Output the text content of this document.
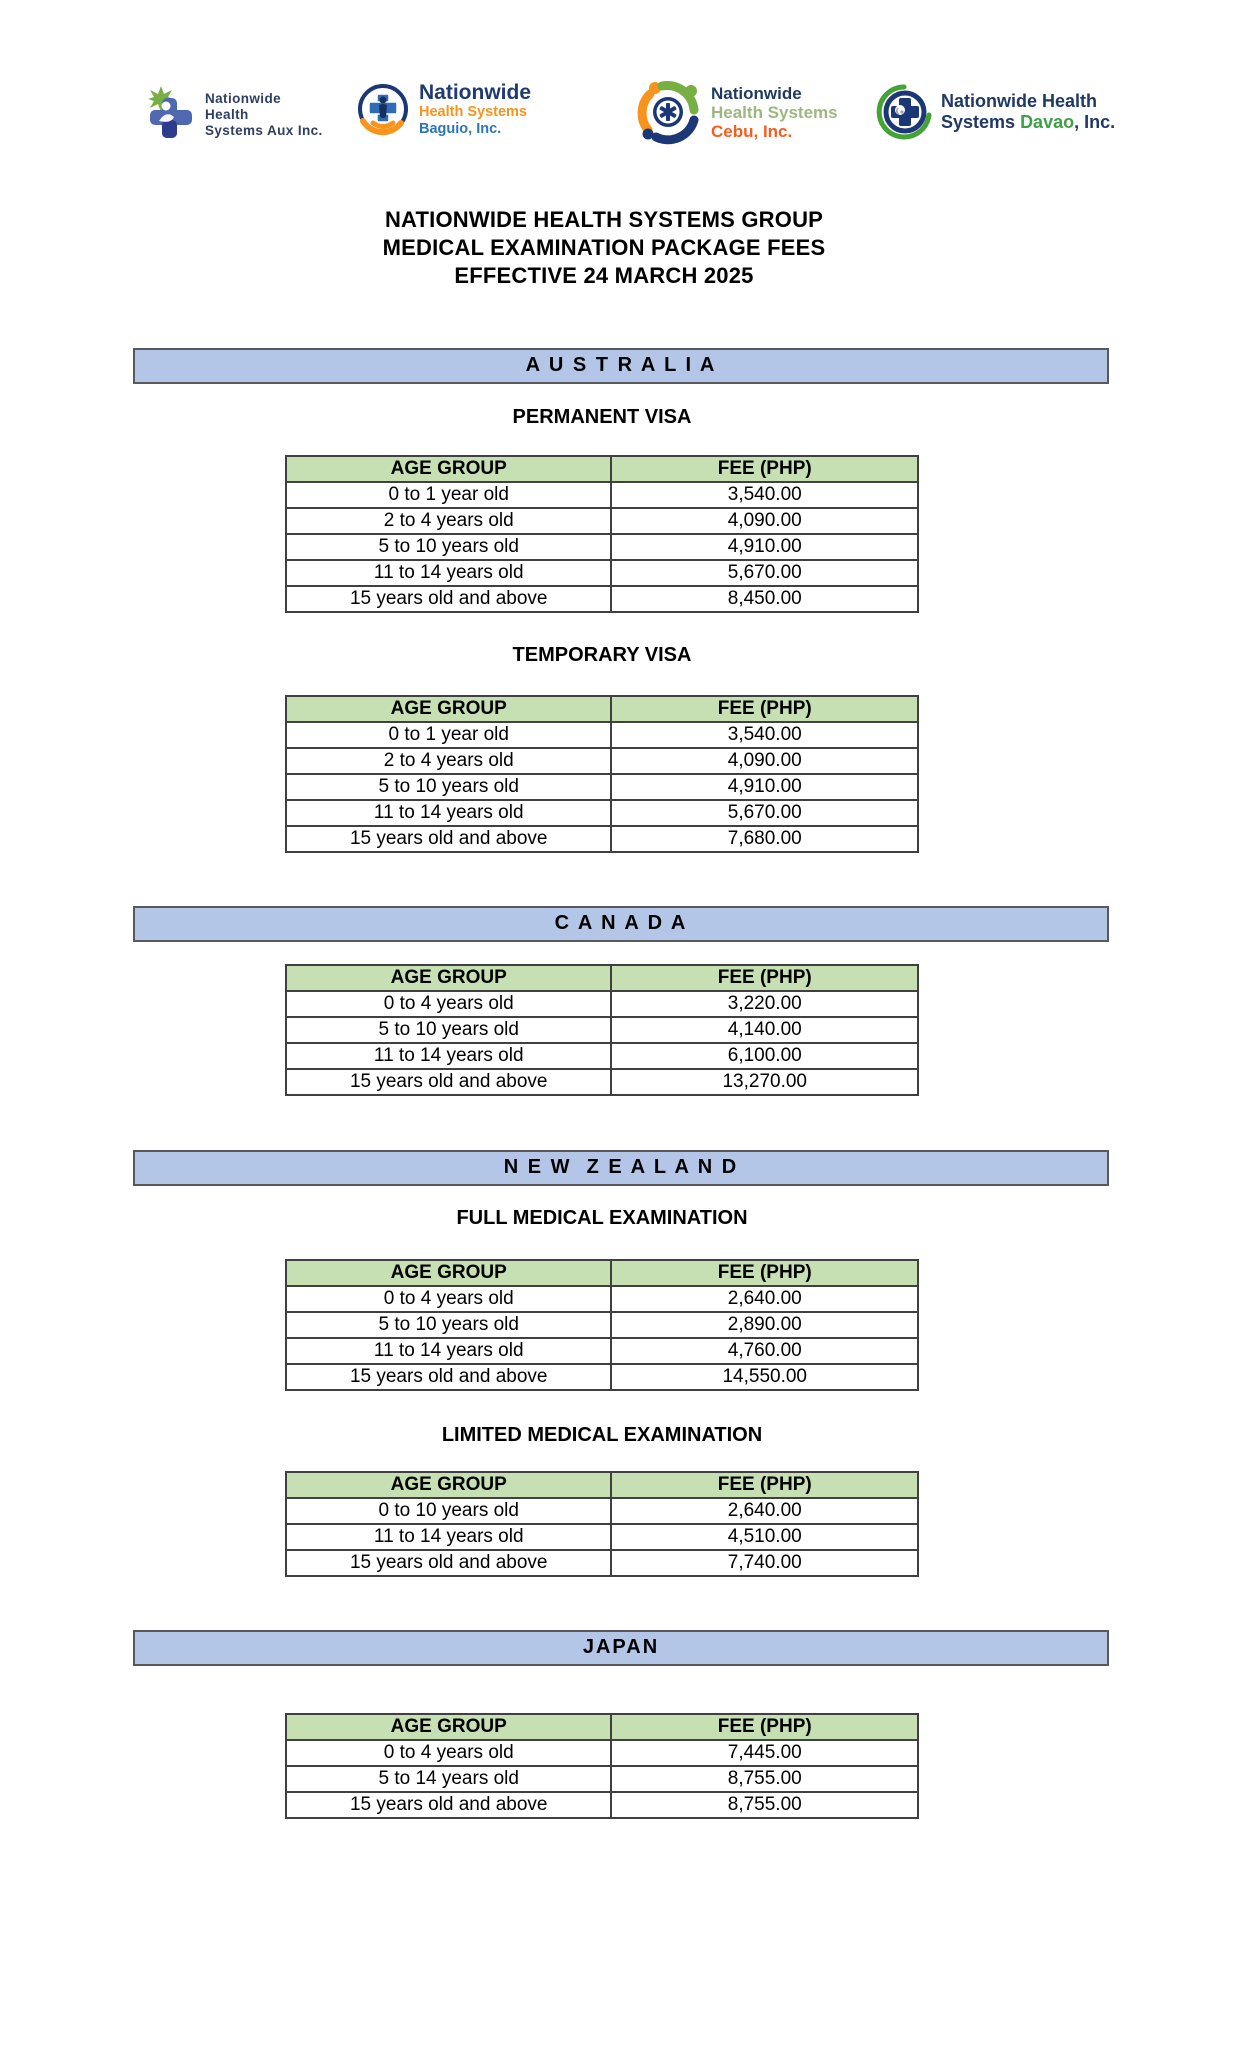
Nationwide
Health
Systems Aux Inc.
Nationwide
Health Systems
Baguio, Inc.
Nationwide
Health Systems
Cebu, Inc.
Nationwide Health
Systems Davao, Inc.
NATIONWIDE HEALTH SYSTEMS GROUP
MEDICAL EXAMINATION PACKAGE FEES
EFFECTIVE 24 MARCH 2025
A U S T R A L I A
PERMANENT VISA
AGE GROUP	FEE (PHP)
0 to 1 year old	3,540.00
2 to 4 years old	4,090.00
5 to 10 years old	4,910.00
11 to 14 years old	5,670.00
15 years old and above	8,450.00
TEMPORARY VISA
AGE GROUP	FEE (PHP)
0 to 1 year old	3,540.00
2 to 4 years old	4,090.00
5 to 10 years old	4,910.00
11 to 14 years old	5,670.00
15 years old and above	7,680.00
C A N A D A
AGE GROUP	FEE (PHP)
0 to 4 years old	3,220.00
5 to 10 years old	4,140.00
11 to 14 years old	6,100.00
15 years old and above	13,270.00
N E W  Z E A L A N D
FULL MEDICAL EXAMINATION
AGE GROUP	FEE (PHP)
0 to 4 years old	2,640.00
5 to 10 years old	2,890.00
11 to 14 years old	4,760.00
15 years old and above	14,550.00
LIMITED MEDICAL EXAMINATION
AGE GROUP	FEE (PHP)
0 to 10 years old	2,640.00
11 to 14 years old	4,510.00
15 years old and above	7,740.00
JAPAN
AGE GROUP	FEE (PHP)
0 to 4 years old	7,445.00
5 to 14 years old	8,755.00
15 years old and above	8,755.00
